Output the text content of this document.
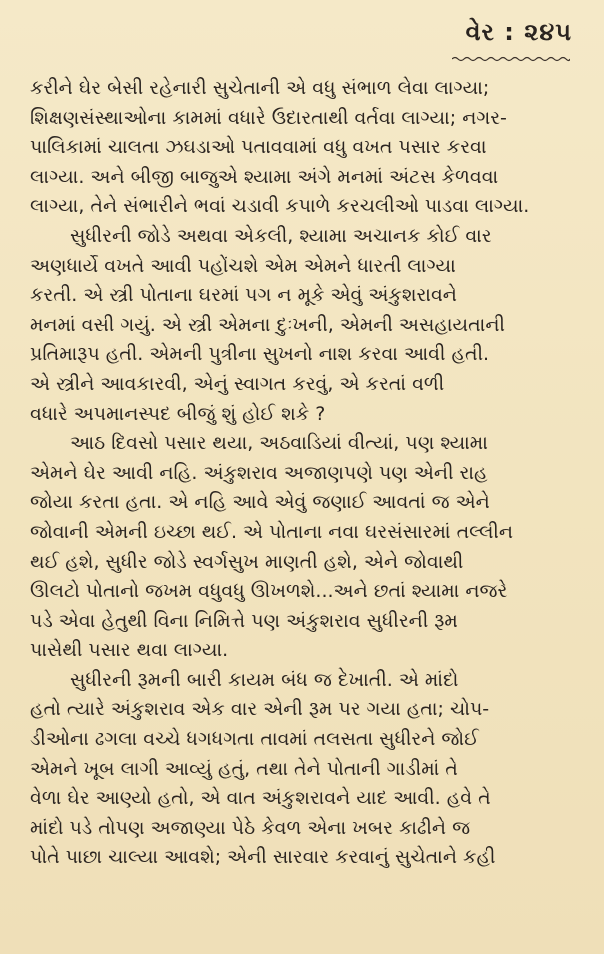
વેર : ૨૪૫

કરીને ઘેર બેસી રહેનારી સુચેતાની એ વધુ સંભાળ લેવા લાગ્યા;
શિક્ષણસંસ્થાઓના કામમાં વધારે ઉદારતાથી વર્તવા લાગ્યા; નગર-
પાલિકામાં ચાલતા ઝઘડાઓ પતાવવામાં વધુ વખત પસાર કરવા
લાગ્યા. અને બીજી બાજુએ શ્યામા અંગે મનમાં અંટસ કેળવવા
લાગ્યા, તેને સંભારીને ભવાં ચડાવી કપાળે કરચલીઓ પાડવા લાગ્યા.

સુધીરની જોડે અથવા એકલી, શ્યામા અચાનક કોઈ વાર
અણધાર્યે વખતે આવી પહોંચશે એમ એમને ધારતી લાગ્યા
કરતી. એ સ્ત્રી પોતાના ઘરમાં પગ ન મૂકે એવું અંકુશરાવને
મનમાં વસી ગયું. એ સ્ત્રી એમના દુઃખની, એમની અસહાયતાની
પ્રતિમારૂપ હતી. એમની પુત્રીના સુખનો નાશ કરવા આવી હતી.
એ સ્ત્રીને આવકારવી, એનું સ્વાગત કરવું, એ કરતાં વળી
વધારે અપમાનસ્પદ બીજું શું હોઈ શકે ?

આઠ દિવસો પસાર થયા, અઠવાડિયાં વીત્યાં, પણ શ્યામા
એમને ઘેર આવી નહિ. અંકુશરાવ અજાણપણે પણ એની રાહ
જોયા કરતા હતા. એ નહિ આવે એવું જણાઈ આવતાં જ એને
જોવાની એમની ઇચ્છા થઈ. એ પોતાના નવા ઘરસંસારમાં તલ્લીન
થઈ હશે, સુધીર જોડે સ્વર્ગસુખ માણતી હશે, એને જોવાથી
ઊલટો પોતાનો જખમ વધુવધુ ઊખળશે...અને છતાં શ્યામા નજરે
પડે એવા હેતુથી વિના નિમિત્તે પણ અંકુશરાવ સુધીરની રૂમ
પાસેથી પસાર થવા લાગ્યા.

સુધીરની રૂમની બારી કાયમ બંધ જ દેખાતી. એ માંદો
હતો ત્યારે અંકુશરાવ એક વાર એની રૂમ પર ગયા હતા; ચોપ-
ડીઓના ઢગલા વચ્ચે ધગધગતા તાવમાં તલસતા સુધીરને જોઈ
એમને ખૂબ લાગી આવ્યું હતું, તથા તેને પોતાની ગાડીમાં તે
વેળા ઘેર આણ્યો હતો, એ વાત અંકુશરાવને યાદ આવી. હવે તે
માંદો પડે તોપણ અજાણ્યા પેઠે કેવળ એના ખબર કાઢીને જ
પોતે પાછા ચાલ્યા આવશે; એની સારવાર કરવાનું સુચેતાને કહી
